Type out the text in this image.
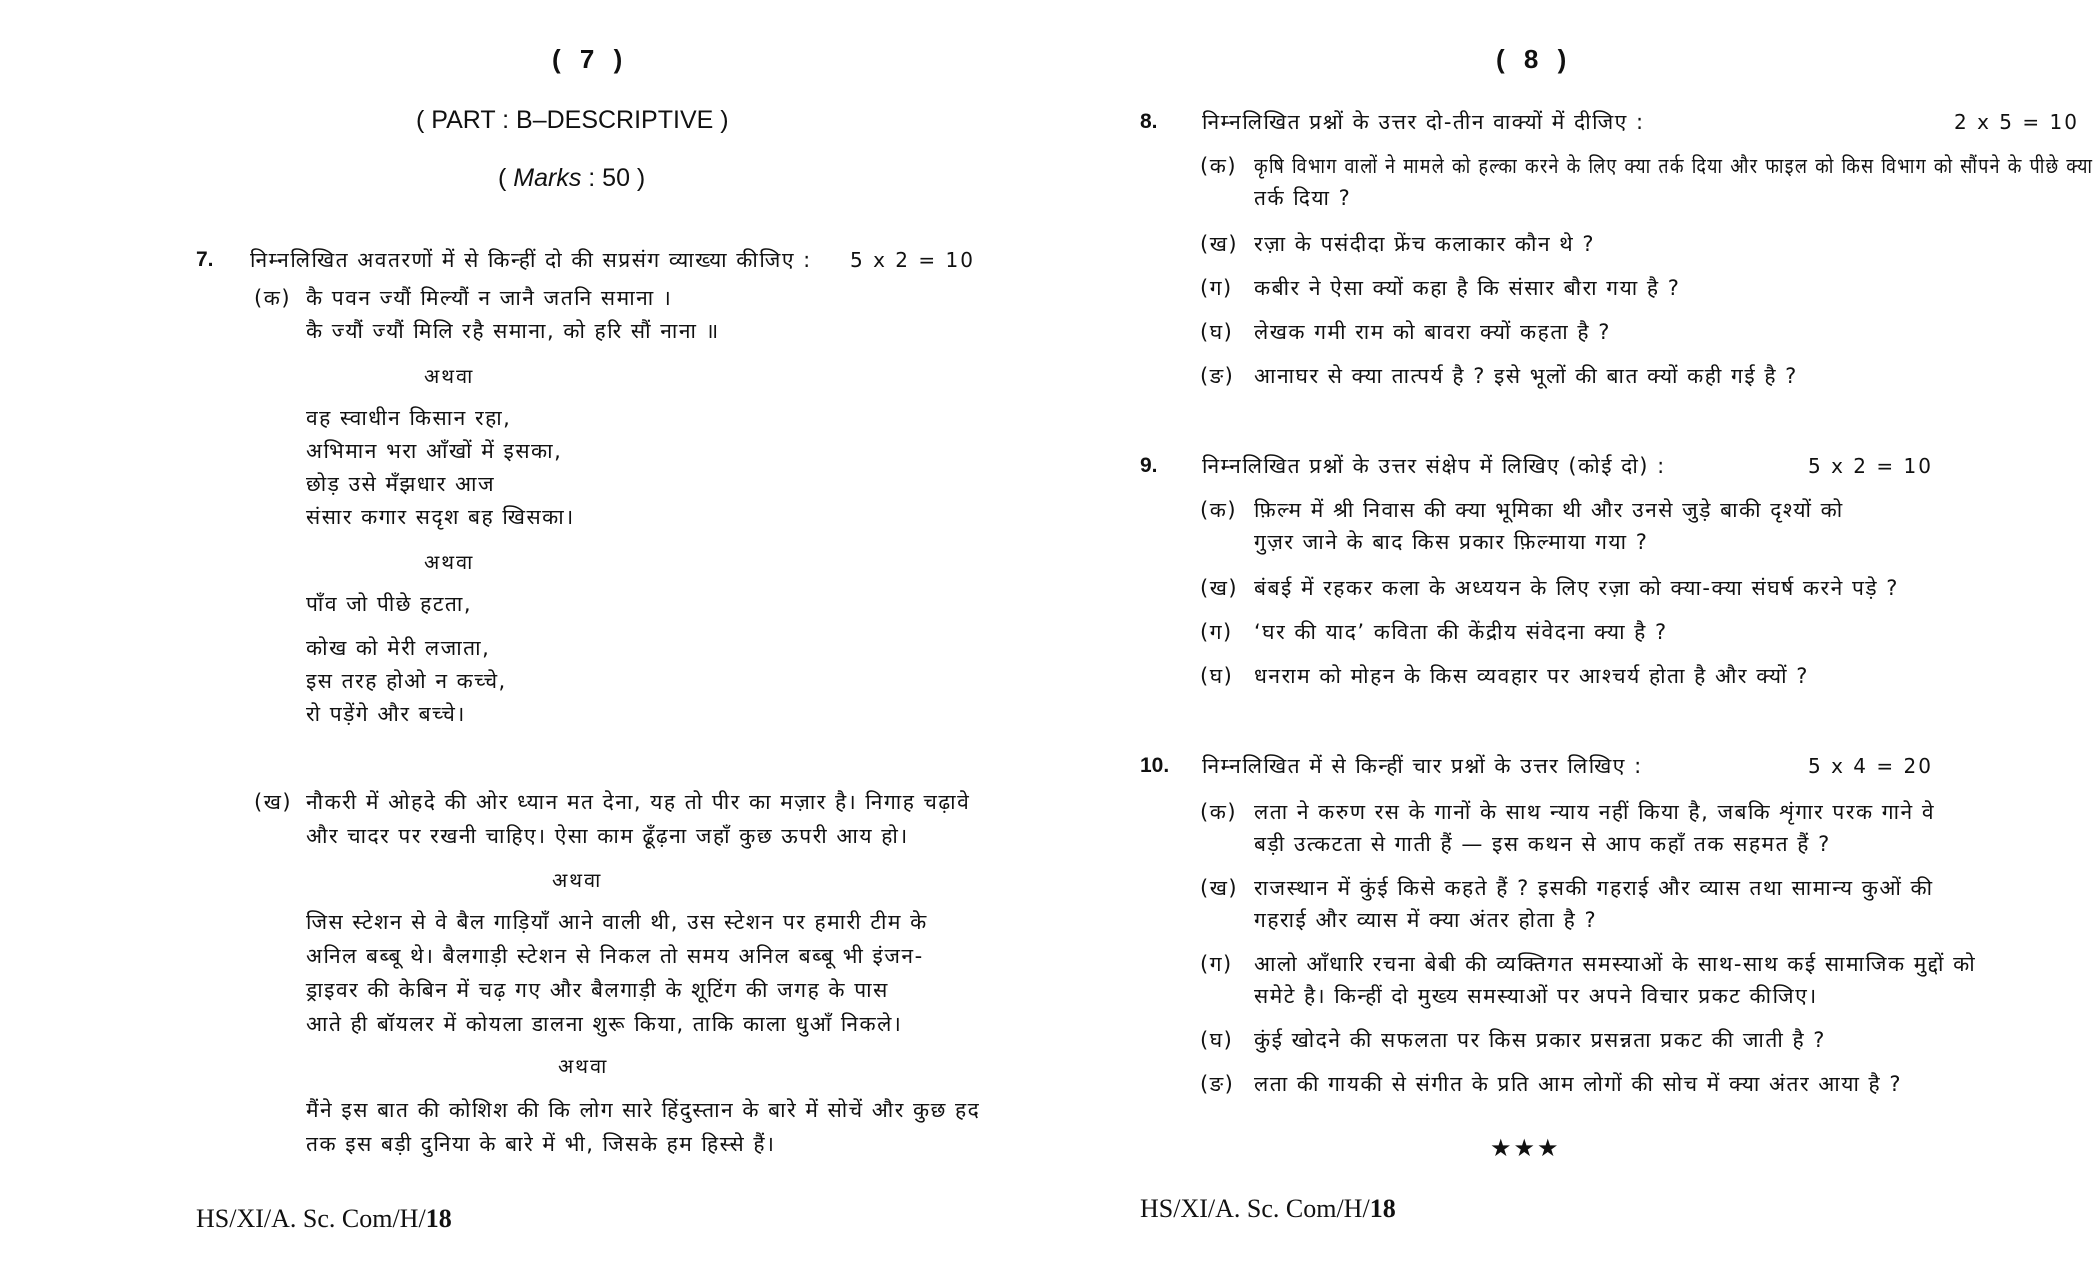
( 7 )
( PART : B–DESCRIPTIVE )
( Marks : 50 )
7. निम्नलिखित अवतरणों में से किन्हीं दो की सप्रसंग व्याख्या कीजिए : 5 x 2 = 10
(क) कै पवन ज्यौं मिल्यौं न जानै जतनि समाना ।
कै ज्यौं ज्यौं मिलि रहै समाना, को हरि सौं नाना ॥
अथवा
वह स्वाधीन किसान रहा,
अभिमान भरा आँखों में इसका,
छोड़ उसे मँझधार आज
संसार कगार सदृश बह खिसका।
अथवा
पाँव जो पीछे हटता,
कोख को मेरी लजाता,
इस तरह होओ न कच्चे,
रो पड़ेंगे और बच्चे।
(ख) नौकरी में ओहदे की ओर ध्यान मत देना, यह तो पीर का मज़ार है। निगाह चढ़ावे
और चादर पर रखनी चाहिए। ऐसा काम ढूँढ़ना जहाँ कुछ ऊपरी आय हो।
अथवा
जिस स्टेशन से वे बैल गाड़ियाँ आने वाली थी, उस स्टेशन पर हमारी टीम के
अनिल बब्बू थे। बैलगाड़ी स्टेशन से निकल तो समय अनिल बब्बू भी इंजन-
ड्राइवर की केबिन में चढ़ गए और बैलगाड़ी के शूटिंग की जगह के पास
आते ही बॉयलर में कोयला डालना शुरू किया, ताकि काला धुआँ निकले।
अथवा
मैंने इस बात की कोशिश की कि लोग सारे हिंदुस्तान के बारे में सोचें और कुछ हद
तक इस बड़ी दुनिया के बारे में भी, जिसके हम हिस्से हैं।
HS/XI/A. Sc. Com/H/18
( 8 )
8. निम्नलिखित प्रश्नों के उत्तर दो-तीन वाक्यों में दीजिए :	2 x 5 = 10
(क) कृषि विभाग वालों ने मामले को हल्का करने के लिए क्या तर्क दिया और फाइल को किस विभाग को सौंपने के पीछे क्या
तर्क दिया ?
(ख) रज़ा के पसंदीदा फ्रेंच कलाकार कौन थे ?
(ग) कबीर ने ऐसा क्यों कहा है कि संसार बौरा गया है ?
(घ) लेखक गमी राम को बावरा क्यों कहता है ?
(ङ) आनाघर से क्या तात्पर्य है ? इसे भूलों की बात क्यों कही गई है ?
9. निम्नलिखित प्रश्नों के उत्तर संक्षेप में लिखिए (कोई दो) :	5 x 2 = 10
(क) फ़िल्म में श्री निवास की क्या भूमिका थी और उनसे जुड़े बाकी दृश्यों को
गुज़र जाने के बाद किस प्रकार फ़िल्माया गया ?
(ख) बंबई में रहकर कला के अध्ययन के लिए रज़ा को क्या-क्या संघर्ष करने पड़े ?
(ग) ‘घर की याद’ कविता की केंद्रीय संवेदना क्या है ?
(घ) धनराम को मोहन के किस व्यवहार पर आश्चर्य होता है और क्यों ?
10. निम्नलिखित में से किन्हीं चार प्रश्नों के उत्तर लिखिए :	5 x 4 = 20
(क) लता ने करुण रस के गानों के साथ न्याय नहीं किया है, जबकि शृंगार परक गाने वे
बड़ी उत्कटता से गाती हैं — इस कथन से आप कहाँ तक सहमत हैं ?
(ख) राजस्थान में कुंई किसे कहते हैं ? इसकी गहराई और व्यास तथा सामान्य कुओं की
गहराई और व्यास में क्या अंतर होता है ?
(ग) आलो आँधारि रचना बेबी की व्यक्तिगत समस्याओं के साथ-साथ कई सामाजिक मुद्दों को
समेटे है। किन्हीं दो मुख्य समस्याओं पर अपने विचार प्रकट कीजिए।
(घ) कुंई खोदने की सफलता पर किस प्रकार प्रसन्नता प्रकट की जाती है ?
(ङ) लता की गायकी से संगीत के प्रति आम लोगों की सोच में क्या अंतर आया है ?
★★★
HS/XI/A. Sc. Com/H/18
